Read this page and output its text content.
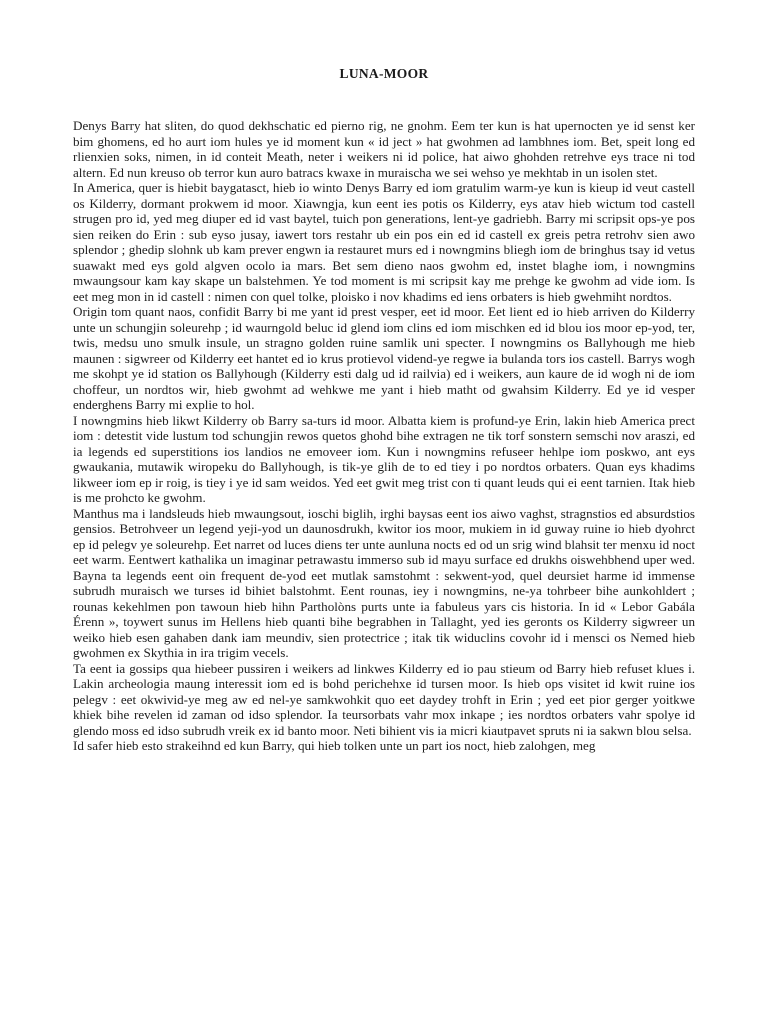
LUNA-MOOR

Denys Barry hat sliten, do quod dekhschatic ed pierno rig, ne gnohm. Eem ter kun is hat upernocten ye id senst ker bim ghomens, ed ho aurt iom hules ye id moment kun « id ject » hat gwohmen ad lambhnes iom. Bet, speit long ed rlienxien soks, nimen, in id conteit Meath, neter i weikers ni id police, hat aiwo ghohden retrehve eys trace ni tod altern. Ed nun kreuso ob terror kun auro batracs kwaxe in muraischa we sei wehso ye mekhtab in un isolen stet.

In America, quer is hiebit baygatasct, hieb io winto Denys Barry ed iom gratulim warm-ye kun is kieup id veut castell os Kilderry, dormant prokwem id moor. Xiawngja, kun eent ies potis os Kilderry, eys atav hieb wictum tod castell strugen pro id, yed meg diuper ed id vast baytel, tuich pon generations, lent-ye gadriebh. Barry mi scripsit ops-ye pos sien reiken do Erin : sub eyso jusay, iawert tors restahr ub ein pos ein ed id castell ex greis petra retrohv sien awo splendor ; ghedip slohnk ub kam prever engwn ia restauret murs ed i nowngmins bliegh iom de bringhus tsay id vetus suawakt med eys gold algven ocolo ia mars. Bet sem dieno naos gwohm ed, instet blaghe iom, i nowngmins mwaungsour kam kay skape un balstehmen. Ye tod moment is mi scripsit kay me prehge ke gwohm ad vide iom. Is eet meg mon in id castell : nimen con quel tolke, ploisko i nov khadims ed iens orbaters is hieb gwehmiht nordtos.

Origin tom quant naos, confidit Barry bi me yant id prest vesper, eet id moor. Eet lient ed io hieb arriven do Kilderry unte un schungjin soleurehp ; id waurngold beluc id glend iom clins ed iom mischken ed id blou ios moor ep-yod, ter, twis, medsu uno smulk insule, un stragno golden ruine samlik uni specter. I nowngmins os Ballyhough me hieb maunen : sigwreer od Kilderry eet hantet ed io krus protievol vidend-ye regwe ia bulanda tors ios castell. Barrys wogh me skohpt ye id station os Ballyhough (Kilderry esti dalg ud id railvia) ed i weikers, aun kaure de id wogh ni de iom choffeur, un nordtos wir, hieb gwohmt ad wehkwe me yant i hieb matht od gwahsim Kilderry. Ed ye id vesper enderghens Barry mi explie to hol.

I nowngmins hieb likwt Kilderry ob Barry sa-turs id moor. Albatta kiem is profund-ye Erin, lakin hieb America prect iom : detestit vide lustum tod schungjin rewos quetos ghohd bihe extragen ne tik torf sonstern semschi nov araszi, ed ia legends ed superstitions ios landios ne emoveer iom. Kun i nowngmins refuseer hehlpe iom poskwo, ant eys gwaukania, mutawik wiropeku do Ballyhough, is tik-ye glih de to ed tiey i po nordtos orbaters. Quan eys khadims likweer iom ep ir roig, is tiey i ye id sam weidos. Yed eet gwit meg trist con ti quant leuds qui ei eent tarnien. Itak hieb is me prohcto ke gwohm.

Manthus ma i landsleuds hieb mwaungsout, ioschi biglih, irghi baysas eent ios aiwo vaghst, stragnstios ed absurdstios gensios. Betrohveer un legend yeji-yod un daunosdrukh, kwitor ios moor, mukiem in id guway ruine io hieb dyohrct ep id pelegv ye soleurehp. Eet narret od luces diens ter unte aunluna nocts ed od un srig wind blahsit ter menxu id noct eet warm. Eentwert kathalika un imaginar petrawastu immerso sub id mayu surface ed drukhs oiswehbhend uper wed. Bayna ta legends eent oin frequent de-yod eet mutlak samstohmt : sekwent-yod, quel deursiet harme id immense subrudh muraisch we turses id bihiet balstohmt. Eent rounas, iey i nowngmins, ne-ya tohrbeer bihe aunkohldert ; rounas kekehlmen pon tawoun hieb hihn Partholòns purts unte ia fabuleus yars cis historia. In id « Lebor Gabála Érenn », toywert sunus im Hellens hieb quanti bihe begrabhen in Tallaght, yed ies geronts os Kilderry sigwreer un weiko hieb esen gahaben dank iam meundiv, sien protectrice ; itak tik widuclins covohr id i mensci os Nemed hieb gwohmen ex Skythia in ira trigim vecels.

Ta eent ia gossips qua hiebeer pussiren i weikers ad linkwes Kilderry ed io pau stieum od Barry hieb refuset klues i. Lakin archeologia maung interessit iom ed is bohd perichehxe id tursen moor. Is hieb ops visitet id kwit ruine ios pelegv : eet okwivid-ye meg aw ed nel-ye samkwohkit quo eet daydey trohft in Erin ; yed eet pior gerger yoitkwe khiek bihe revelen id zaman od idso splendor. Ia teursorbats vahr mox inkape ; ies nordtos orbaters vahr spolye id glendo moss ed idso subrudh vreik ex id banto moor. Neti bihient vis ia micri kiautpavet spruts ni ia sakwn blou selsa.

Id safer hieb esto strakeihnd ed kun Barry, qui hieb tolken unte un part ios noct, hieb zalohgen, meg
